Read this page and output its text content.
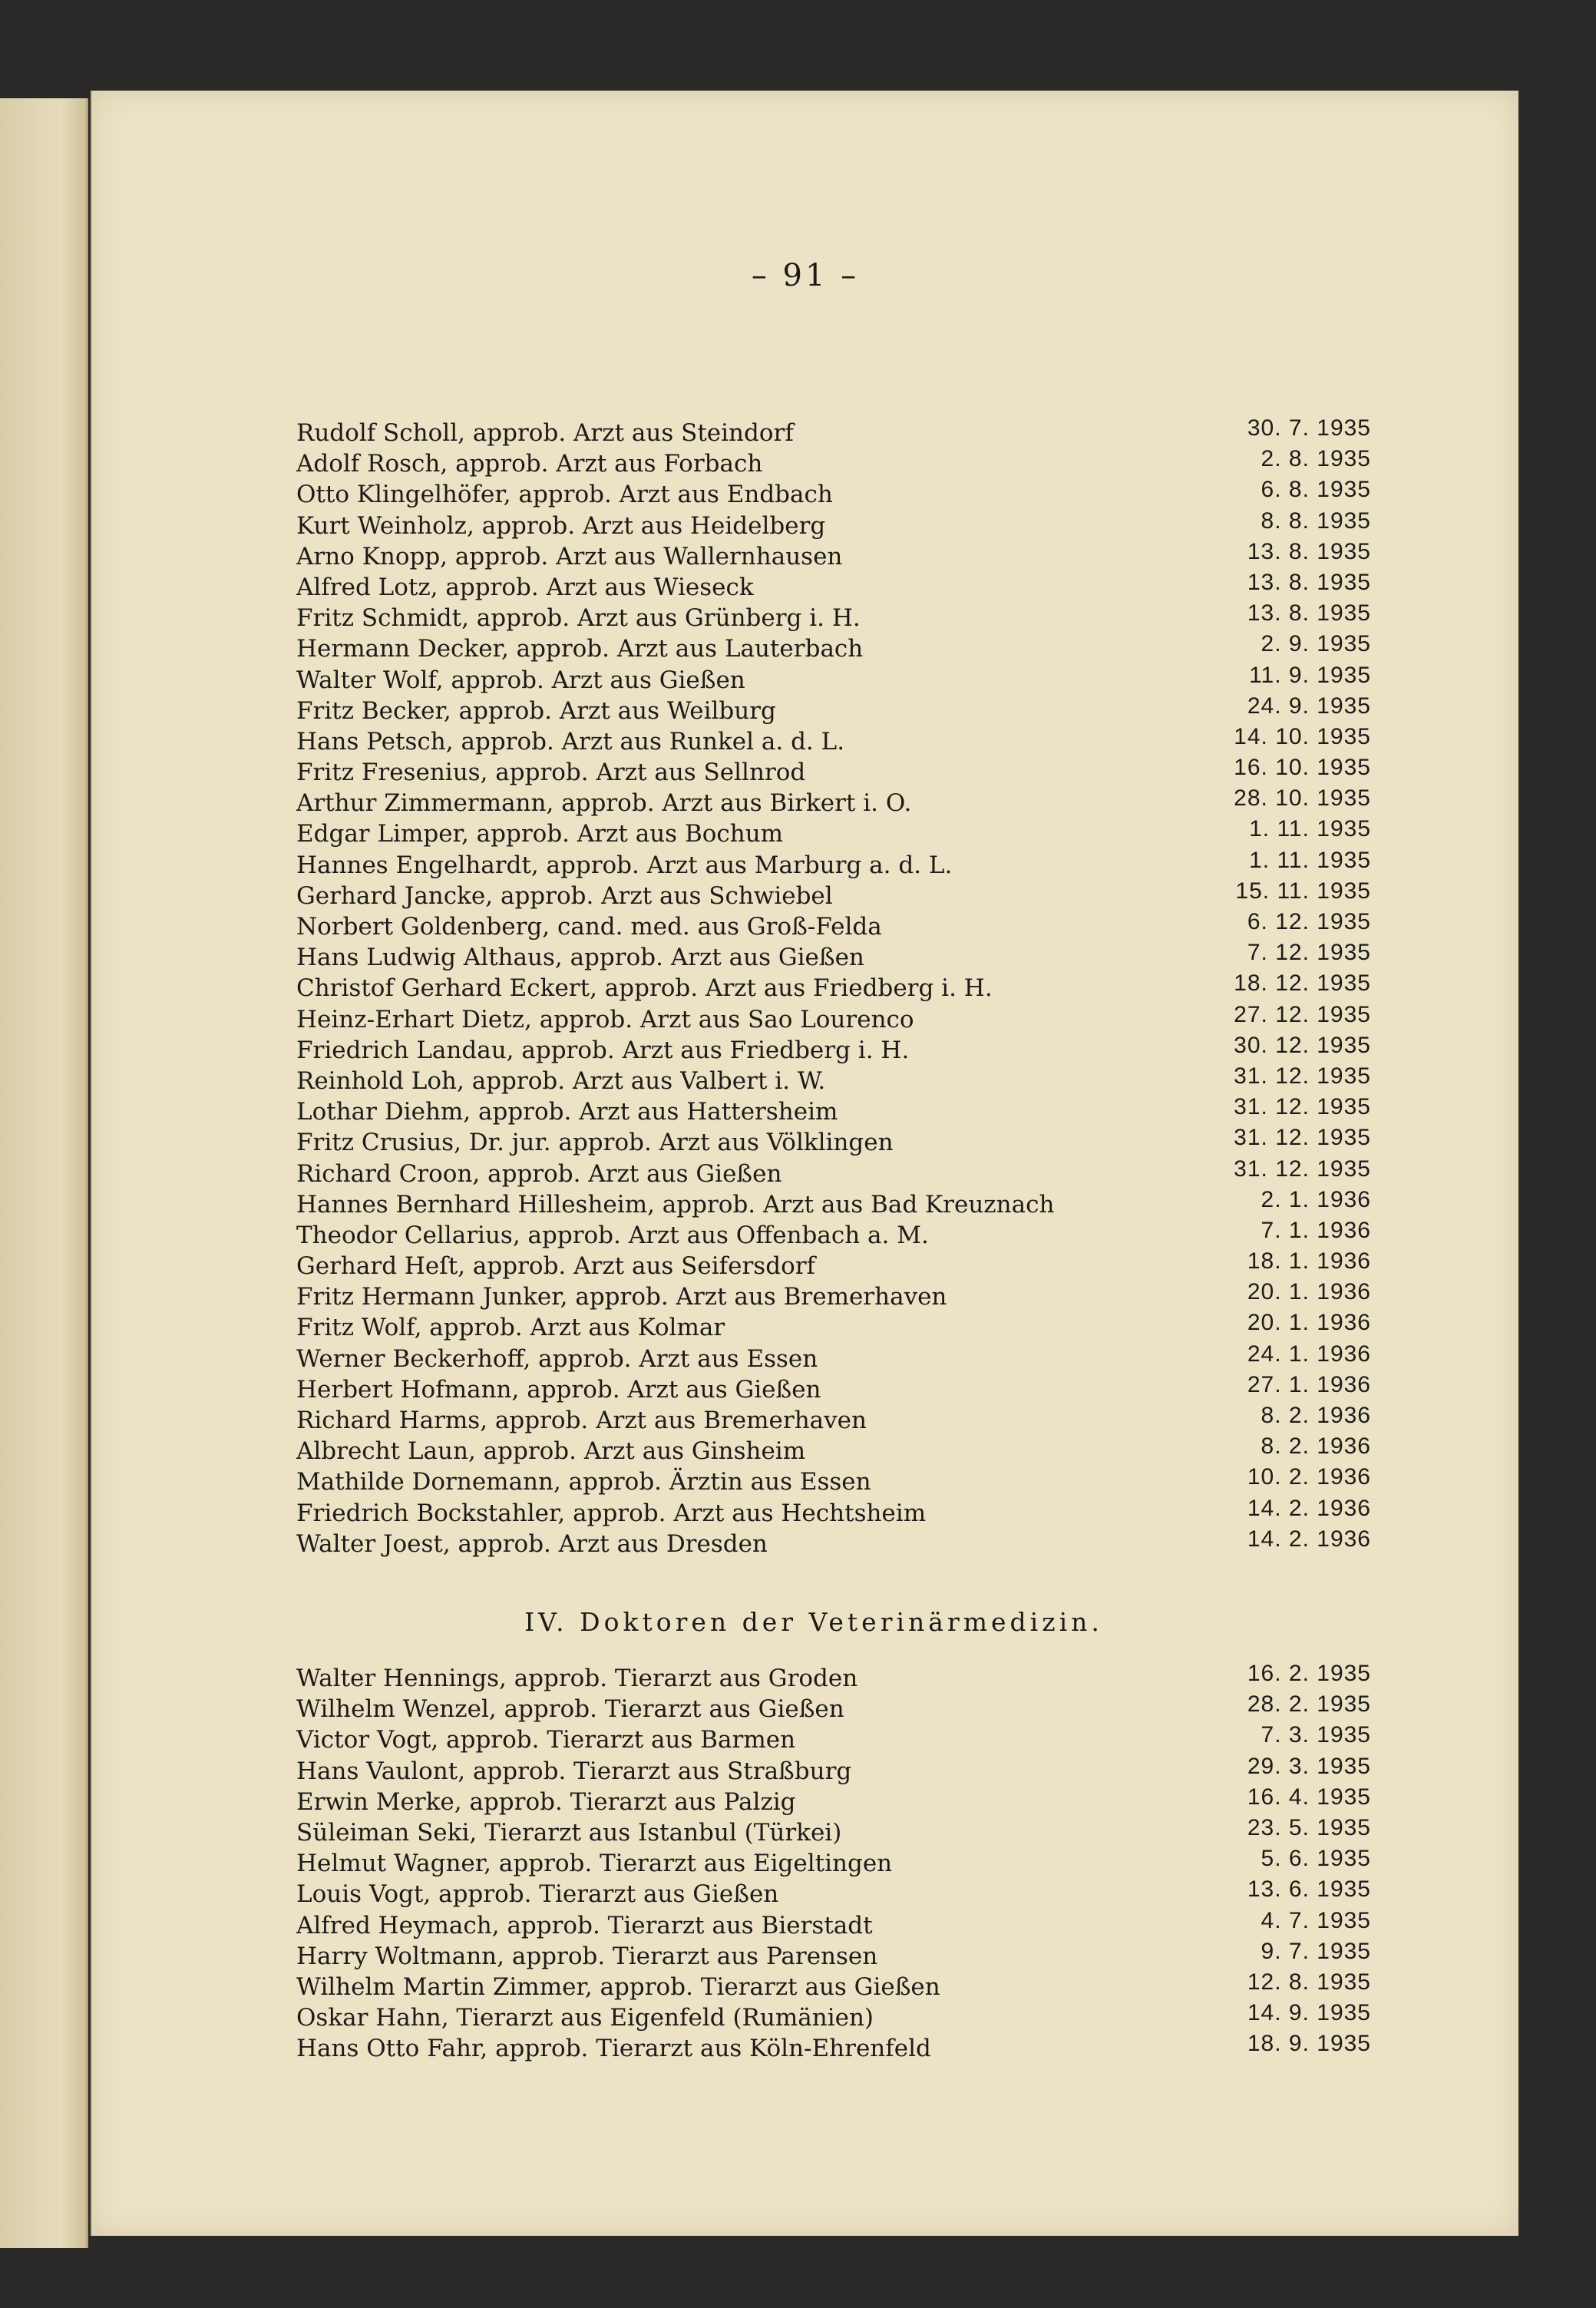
– 91 –
Rudolf Scholl, approb. Arzt aus Steindorf	30. 7. 1935
Adolf Rosch, approb. Arzt aus Forbach	2. 8. 1935
Otto Klingelhöfer, approb. Arzt aus Endbach	6. 8. 1935
Kurt Weinholz, approb. Arzt aus Heidelberg	8. 8. 1935
Arno Knopp, approb. Arzt aus Wallernhausen	13. 8. 1935
Alfred Lotz, approb. Arzt aus Wieseck	13. 8. 1935
Fritz Schmidt, approb. Arzt aus Grünberg i. H.	13. 8. 1935
Hermann Decker, approb. Arzt aus Lauterbach	2. 9. 1935
Walter Wolf, approb. Arzt aus Gießen	11. 9. 1935
Fritz Becker, approb. Arzt aus Weilburg	24. 9. 1935
Hans Petsch, approb. Arzt aus Runkel a. d. L.	14. 10. 1935
Fritz Fresenius, approb. Arzt aus Sellnrod	16. 10. 1935
Arthur Zimmermann, approb. Arzt aus Birkert i. O.	28. 10. 1935
Edgar Limper, approb. Arzt aus Bochum	1. 11. 1935
Hannes Engelhardt, approb. Arzt aus Marburg a. d. L.	1. 11. 1935
Gerhard Jancke, approb. Arzt aus Schwiebel	15. 11. 1935
Norbert Goldenberg, cand. med. aus Groß-Felda	6. 12. 1935
Hans Ludwig Althaus, approb. Arzt aus Gießen	7. 12. 1935
Christof Gerhard Eckert, approb. Arzt aus Friedberg i. H.	18. 12. 1935
Heinz-Erhart Dietz, approb. Arzt aus Sao Lourenco	27. 12. 1935
Friedrich Landau, approb. Arzt aus Friedberg i. H.	30. 12. 1935
Reinhold Loh, approb. Arzt aus Valbert i. W.	31. 12. 1935
Lothar Diehm, approb. Arzt aus Hattersheim	31. 12. 1935
Fritz Crusius, Dr. jur. approb. Arzt aus Völklingen	31. 12. 1935
Richard Croon, approb. Arzt aus Gießen	31. 12. 1935
Hannes Bernhard Hillesheim, approb. Arzt aus Bad Kreuznach	2. 1. 1936
Theodor Cellarius, approb. Arzt aus Offenbach a. M.	7. 1. 1936
Gerhard Heſt, approb. Arzt aus Seifersdorf	18. 1. 1936
Fritz Hermann Junker, approb. Arzt aus Bremerhaven	20. 1. 1936
Fritz Wolf, approb. Arzt aus Kolmar	20. 1. 1936
Werner Beckerhoff, approb. Arzt aus Essen	24. 1. 1936
Herbert Hofmann, approb. Arzt aus Gießen	27. 1. 1936
Richard Harms, approb. Arzt aus Bremerhaven	8. 2. 1936
Albrecht Laun, approb. Arzt aus Ginsheim	8. 2. 1936
Mathilde Dornemann, approb. Ärztin aus Essen	10. 2. 1936
Friedrich Bockstahler, approb. Arzt aus Hechtsheim	14. 2. 1936
Walter Joest, approb. Arzt aus Dresden	14. 2. 1936
IV. Doktoren der Veterinärmedizin.
Walter Hennings, approb. Tierarzt aus Groden	16. 2. 1935
Wilhelm Wenzel, approb. Tierarzt aus Gießen	28. 2. 1935
Victor Vogt, approb. Tierarzt aus Barmen	7. 3. 1935
Hans Vaulont, approb. Tierarzt aus Straßburg	29. 3. 1935
Erwin Merke, approb. Tierarzt aus Palzig	16. 4. 1935
Süleiman Seki, Tierarzt aus Istanbul (Türkei)	23. 5. 1935
Helmut Wagner, approb. Tierarzt aus Eigeltingen	5. 6. 1935
Louis Vogt, approb. Tierarzt aus Gießen	13. 6. 1935
Alfred Heymach, approb. Tierarzt aus Bierstadt	4. 7. 1935
Harry Woltmann, approb. Tierarzt aus Parensen	9. 7. 1935
Wilhelm Martin Zimmer, approb. Tierarzt aus Gießen	12. 8. 1935
Oskar Hahn, Tierarzt aus Eigenfeld (Rumänien)	14. 9. 1935
Hans Otto Fahr, approb. Tierarzt aus Köln-Ehrenfeld	18. 9. 1935
